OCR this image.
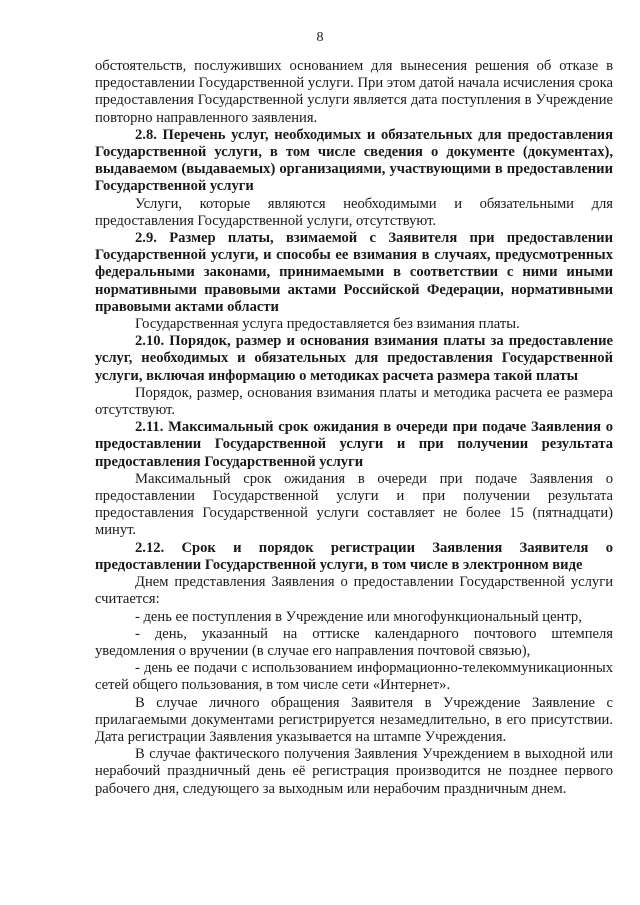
8

обстоятельств, послуживших основанием для вынесения решения об отказе в предоставлении Государственной услуги. При этом датой начала исчисления срока предоставления Государственной услуги является дата поступления в Учреждение повторно направленного заявления.

2.8. Перечень услуг, необходимых и обязательных для предоставления Государственной услуги, в том числе сведения о документе (документах), выдаваемом (выдаваемых) организациями, участвующими в предоставлении Государственной услуги

Услуги, которые являются необходимыми и обязательными для предоставления Государственной услуги, отсутствуют.

2.9. Размер платы, взимаемой с Заявителя при предоставлении Государственной услуги, и способы ее взимания в случаях, предусмотренных федеральными законами, принимаемыми в соответствии с ними иными нормативными правовыми актами Российской Федерации, нормативными правовыми актами области

Государственная услуга предоставляется без взимания платы.

2.10. Порядок, размер и основания взимания платы за предоставление услуг, необходимых и обязательных для предоставления Государственной услуги, включая информацию о методиках расчета размера такой платы

Порядок, размер, основания взимания платы и методика расчета ее размера отсутствуют.

2.11. Максимальный срок ожидания в очереди при подаче Заявления о предоставлении Государственной услуги и при получении результата предоставления Государственной услуги

Максимальный срок ожидания в очереди при подаче Заявления о предоставлении Государственной услуги и при получении результата предоставления Государственной услуги составляет не более 15 (пятнадцати) минут.

2.12. Срок и порядок регистрации Заявления Заявителя о предоставлении Государственной услуги, в том числе в электронном виде

Днем представления Заявления о предоставлении Государственной услуги считается:

- день ее поступления в Учреждение или многофункциональный центр,

- день, указанный на оттиске календарного почтового штемпеля уведомления о вручении (в случае его направления почтовой связью),

- день ее подачи с использованием информационно-телекоммуникационных сетей общего пользования, в том числе сети «Интернет».

В случае личного обращения Заявителя в Учреждение Заявление с прилагаемыми документами регистрируется незамедлительно, в его присутствии. Дата регистрации Заявления указывается на штампе Учреждения.

В случае фактического получения Заявления Учреждением в выходной или нерабочий праздничный день её регистрация производится не позднее первого рабочего дня, следующего за выходным или нерабочим праздничным днем.
